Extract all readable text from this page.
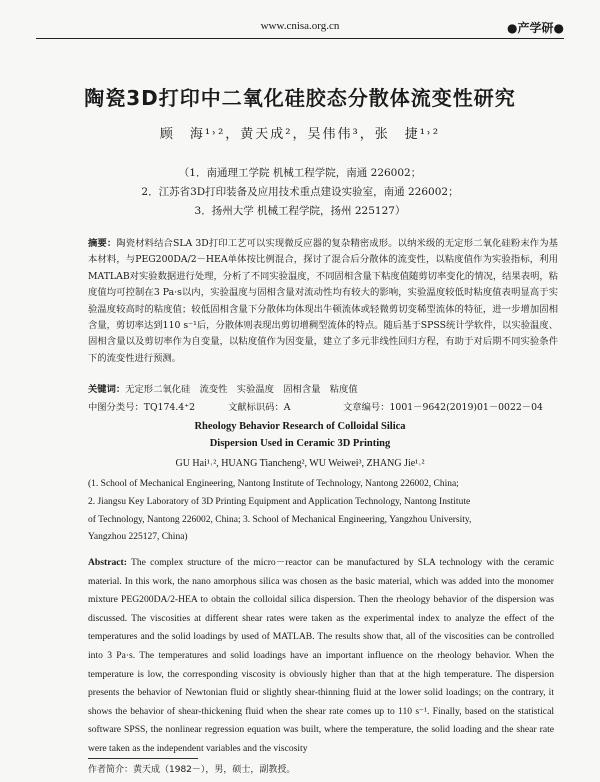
www.cnisa.org.cn	●产学研●
陶瓷3D打印中二氧化硅胶态分散体流变性研究
顾　海¹˒²，黄天成²，吴伟伟³，张　捷¹˒²
（1．南通理工学院 机械工程学院，南通 226002；
2．江苏省3D打印装备及应用技术重点建设实验室，南通 226002；
3．扬州大学 机械工程学院，扬州 225127）
摘要：陶瓷材料结合SLA 3D打印工艺可以实现微反应器的复杂精密成形。以纳米级的无定形二氧化硅粉末作为基本材料，与PEG200DA/2－HEA单体按比例混合，探讨了混合后分散体的流变性，以粘度值作为实验指标，利用MATLAB对实验数据进行处理，分析了不同实验温度，不同固相含量下粘度值随剪切率变化的情况，结果表明，粘度值均可控制在3 Pa·s以内，实验温度与固相含量对流动性均有较大的影响，实验温度较低时粘度值表明显高于实验温度较高时的粘度值；较低固相含量下分散体均体现出牛顿流体或轻微剪切变稀型流体的特征，进一步增加固相含量，剪切率达到110 s⁻¹后，分散体则表现出剪切增稠型流体的特点。随后基于SPSS统计学软件，以实验温度、固相含量以及剪切率作为自变量，以粘度值作为因变量，建立了多元非线性回归方程，有助于对后期不同实验条件下的流变性进行预测。
关键词：无定形二氧化硅　流变性　实验温度　固相含量　粘度值
中图分类号：TQ174.4⁺2	文献标识码：A	文章编号：1001－9642(2019)01－0022－04
Rheology Behavior Research of Colloidal Silica
Dispersion Used in Ceramic 3D Printing
GU Hai¹˒², HUANG Tiancheng², WU Weiwei³, ZHANG Jie¹˒²
(1. School of Mechanical Engineering, Nantong Institute of Technology, Nantong 226002, China;
2. Jiangsu Key Laboratory of 3D Printing Equipment and Application Technology, Nantong Institute
of Technology, Nantong 226002, China; 3. School of Mechanical Engineering, Yangzhou University,
Yangzhou 225127, China)
Abstract: The complex structure of the micro－reactor can be manufactured by SLA technology with the ceramic material. In this work, the nano amorphous silica was chosen as the basic material, which was added into the monomer mixture PEG200DA/2-HEA to obtain the colloidal silica dispersion. Then the rheology behavior of the dispersion was discussed. The viscosities at different shear rates were taken as the experimental index to analyze the effect of the temperatures and the solid loadings by used of MATLAB. The results show that, all of the viscosities can be controlled into 3 Pa·s. The temperatures and solid loadings have an important influence on the rheology behavior. When the temperature is low, the corresponding viscosity is obviously higher than that at the high temperature. The dispersion presents the behavior of Newtonian fluid or slightly shear-thinning fluid at the lower solid loadings; on the contrary, it shows the behavior of shear-thickening fluid when the shear rate comes up to 110 s⁻¹. Finally, based on the statistical software SPSS, the nonlinear regression equation was built, where the temperature, the solid loading and the shear rate were taken as the independent variables and the viscosity
作者简介：黄天成（1982－），男，硕士，副教授。
